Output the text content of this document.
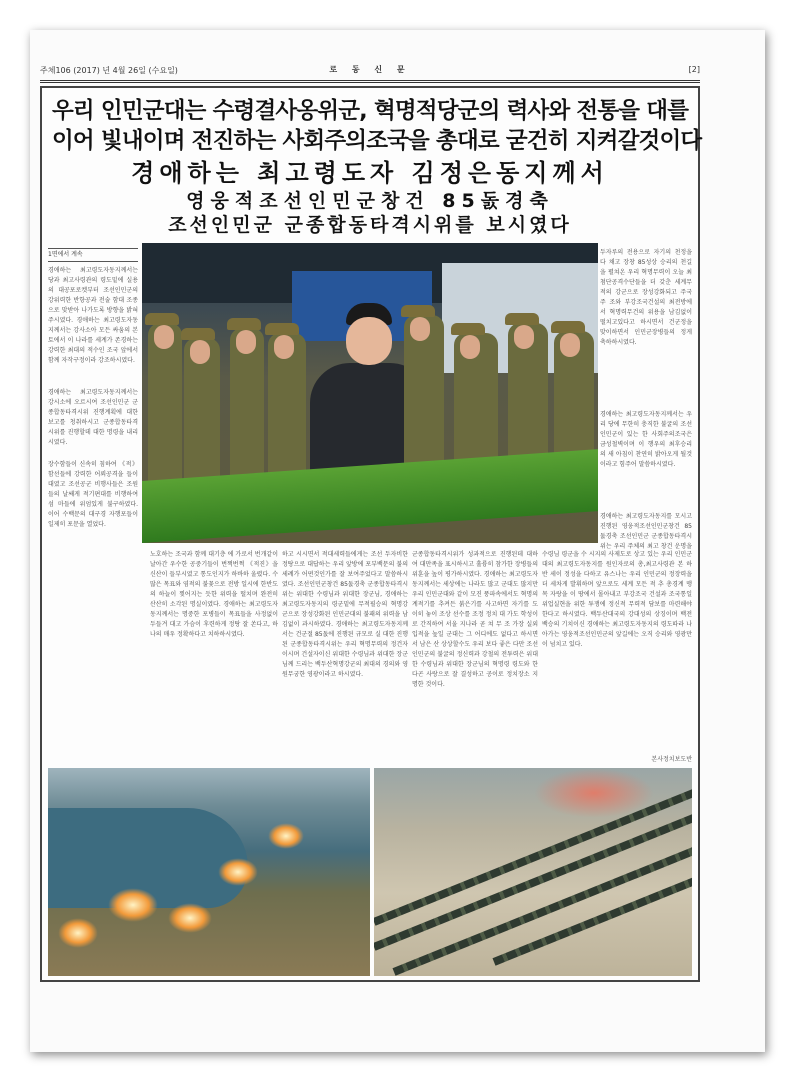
주체106 (2017) 년 4월 26일 (수요일)	로 동 신 문	[2]
우리 인민군대는 수령결사옹위군, 혁명적당군의 력사와 전통을 대를
이어 빛내이며 전진하는 사회주의조국을 총대로 굳건히 지켜갈것이다
경애하는 최고령도자 김정은동지께서
영웅적조선인민군창건 85돐경축
조선인민군 군종합동타격시위를 보시였다
1면에서 계속
경애하는 최고령도자동지께서는 당과 최고사령관의 령도밑에 실용의 대공포로켓부터 조선인민군의 강위력한 반항공과 전술 함대 조종으로 맞받아 나가도록 방향을 밝혀주시였다. 경애하는 최고령도자동지께서는 강사소아 모든 싸움의 본토에서 이 나라를 세계가 존경하는 강력한 최대의 적수인 조국 앞에서 함께 자작구정이라 강조하시였다.
경애하는 최고령도자동지께서는 강시소에 오르시여 조선인민군 군종합동타격시위 진행계획에 대한 보고를 청취하시고 군종합동타격시위를 진행할데 대한 명령을 내리시였다.
장수함들이 신속히 침하여 《적》함선들에 강력한 어뢰공격을 들이대였고 조선공군 비행사들은 조원들의 날쌔게 적기편대를 비행하여 섬 마들에 위엄있게 불구하였다. 이어 수백문의 대구경 자행포들이 일제히 포문을 열었다.
두자루의 전용으로 자기의 천정을 다 채고 장창 85성상 승리의 천길을 펼쳐온 우리 혁명무력이 오늘 최첨단공격수단들을 더 갖춘 세계무적의 강군으로 장성강화되고 주국주 조와 부강조국건설의 최전방에서 혁명력무건의 위용을 남김없이 떨치고있다고 하시면서 건군정을 맞이하면서 인민군장병들의 정게 축하하시였다.
경애하는 최고령도자동지께서는 우리 당에 무한히 충직한 불굴의 조선인민군이 있는 한 사회주의조국은 금성철벽이며 이 행우의 최후승리의 새 아침이 찬연히 밝아오게 될것이라고 힘주어 말씀하시였다.
경애하는 최고령도자동지를 모시고 진행된 영웅적조선인민군창건 85돐경축 조선인민군 군종합동타격시위는 우리 주체의 최고 창건 운명을
노호하는 조국과 함께 대기층 에 가로서 번개같이 날아간 우수한 공중기들이 번쩍번쩍 《적진》을 신산이 들부시였고 통도인지가 하바하 울렸다. 수많은 목표와 염적의 불꽃으로 전방 일시에 한반도의 하늘이 찢어지는 듯한 위력을 떨치며 완전히 산산히 소각된 명실이였다. 경애하는 최고령도자동지께서는 명중한 포병들이 목표들을 사정없이 두들겨 대고 가슴이 후련하게 정탕 잘 쏜다고, 하나의 매우 정확하다고 치하하시였다.
하고 시시면서 적대세력들에게는 조선 두자비한 정탕으로 대답하는 우리 앞방에 포부백문의 불의 세례가 어떤것인가를 잘 보여주었다고 말씀하시였다. 조선인민군창건 85돐경축 군종합동타격시위는 위대한 수령님과 위대한 장군님, 경애하는 최고령도자동지의 령군밑에 무적필승의 혁명강군으로 장성강화된 인민군대의 불패의 위력을 남김없이 과시하였다. 경애하는 최고령도자동지께서는 건군절 85돐에 진행된 규모로 실 대한 진행된 군종합동타격시위는 우리 혁명무력의 정건자이시며 건설자이신 위대한 수령님과 위대한 장군님께 드리는 백두산혁명강군의 최대의 경의와 영원무궁한 영광이라고 하시였다.
군종합동타격시위가 성과적으로 진행된데 대하여 대만족을 표시하시고 훌륭히 참가한 장병들의 위훈을 높이 평가하시였다. 경애하는 최고령도자동지께서는 세상에는 나라도 많고 군대도 많지만 우리 인민군대와 같이 모진 풍파속에서도 혁명의 계적기를 추켜든 붉은기를 사고하면 자기를 도 이히 놓이 조상 선수를 조정 정치 대 가도 학성이로 간직하여 서울 지나라 곧 쳐 무 조 가장 실외 입적을 높일 군대는 그 어디에도 없다고 하시면서 남은 산 상상할수도 우리 보다 좋은 다만 조선인민군의 불굴의 정신력과 강철의 전투력은 위대한 수령님과 위대한 장군님의 혁명령 령도와 한다곤 사랑으로 잘 결성하고 공이로 정치장소 지명한 것이다.
수령님 령군을 수 시지의 사제도로 상고 있는 우리 인민군대의 최고령도자동지를 원인자로의 총,최고사령관 본 하반 세이 정성을 다하고 유스나는 우리 인민군의 정장력을 더 세차게 발휘하며 앞으로도 세계 모든 적 추 총경계 맹목 자랑을 이 땅에서 몰아내고 부강조국 건설과 조국통일 위업실현을 위한 투쟁에 정신적 무력적 담보를 마련해야 한다고 하시였다. 백두산대국의 강대성의 상징이며 백전백승의 기치이신 경애하는 최고령도자동지의 령도따라 나아가는 영웅적조선인민군의 앞길에는 오직 승리와 영광만이 넘치고 있다.
본사정치보도반
